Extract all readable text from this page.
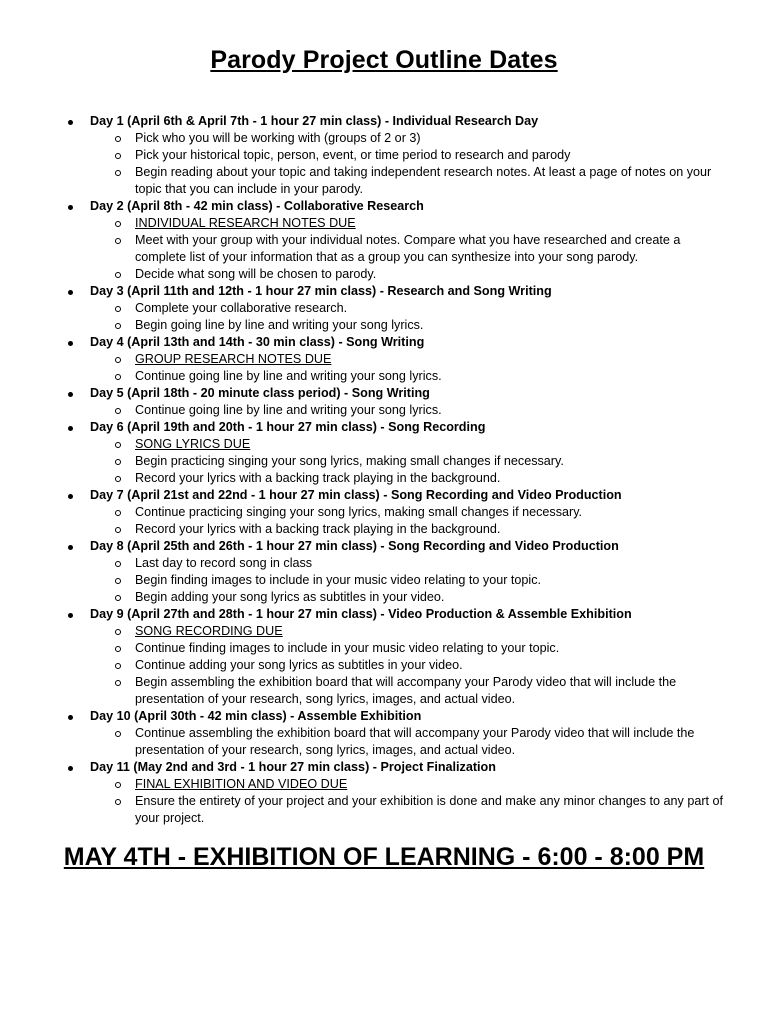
Parody Project Outline Dates
Day 1 (April 6th & April 7th - 1 hour 27 min class) - Individual Research Day
Pick who you will be working with (groups of 2 or 3)
Pick your historical topic, person, event, or time period to research and parody
Begin reading about your topic and taking independent research notes. At least a page of notes on your topic that you can include in your parody.
Day 2 (April 8th - 42 min class) - Collaborative Research
INDIVIDUAL RESEARCH NOTES DUE
Meet with your group with your individual notes. Compare what you have researched and create a complete list of your information that as a group you can synthesize into your song parody.
Decide what song will be chosen to parody.
Day 3 (April 11th and 12th - 1 hour 27 min class) - Research and Song Writing
Complete your collaborative research.
Begin going line by line and writing your song lyrics.
Day 4 (April 13th and 14th - 30 min class) - Song Writing
GROUP RESEARCH NOTES DUE
Continue going line by line and writing your song lyrics.
Day 5 (April 18th - 20 minute class period) - Song Writing
Continue going line by line and writing your song lyrics.
Day 6 (April 19th and 20th - 1 hour 27 min class) - Song Recording
SONG LYRICS DUE
Begin practicing singing your song lyrics, making small changes if necessary.
Record your lyrics with a backing track playing in the background.
Day 7 (April 21st and 22nd - 1 hour 27 min class) - Song Recording and Video Production
Continue practicing singing your song lyrics, making small changes if necessary.
Record your lyrics with a backing track playing in the background.
Day 8 (April 25th and 26th - 1 hour 27 min class) - Song Recording and Video Production
Last day to record song in class
Begin finding images to include in your music video relating to your topic.
Begin adding your song lyrics as subtitles in your video.
Day 9 (April 27th and 28th - 1 hour 27 min class) - Video Production & Assemble Exhibition
SONG RECORDING DUE
Continue finding images to include in your music video relating to your topic.
Continue adding your song lyrics as subtitles in your video.
Begin assembling the exhibition board that will accompany your Parody video that will include the presentation of your research, song lyrics, images, and actual video.
Day 10 (April 30th - 42 min class) - Assemble Exhibition
Continue assembling the exhibition board that will accompany your Parody video that will include the presentation of your research, song lyrics, images, and actual video.
Day 11 (May 2nd and 3rd - 1 hour 27 min class) - Project Finalization
FINAL EXHIBITION AND VIDEO DUE
Ensure the entirety of your project and your exhibition is done and make any minor changes to any part of your project.
MAY 4TH - EXHIBITION OF LEARNING - 6:00 - 8:00 PM
